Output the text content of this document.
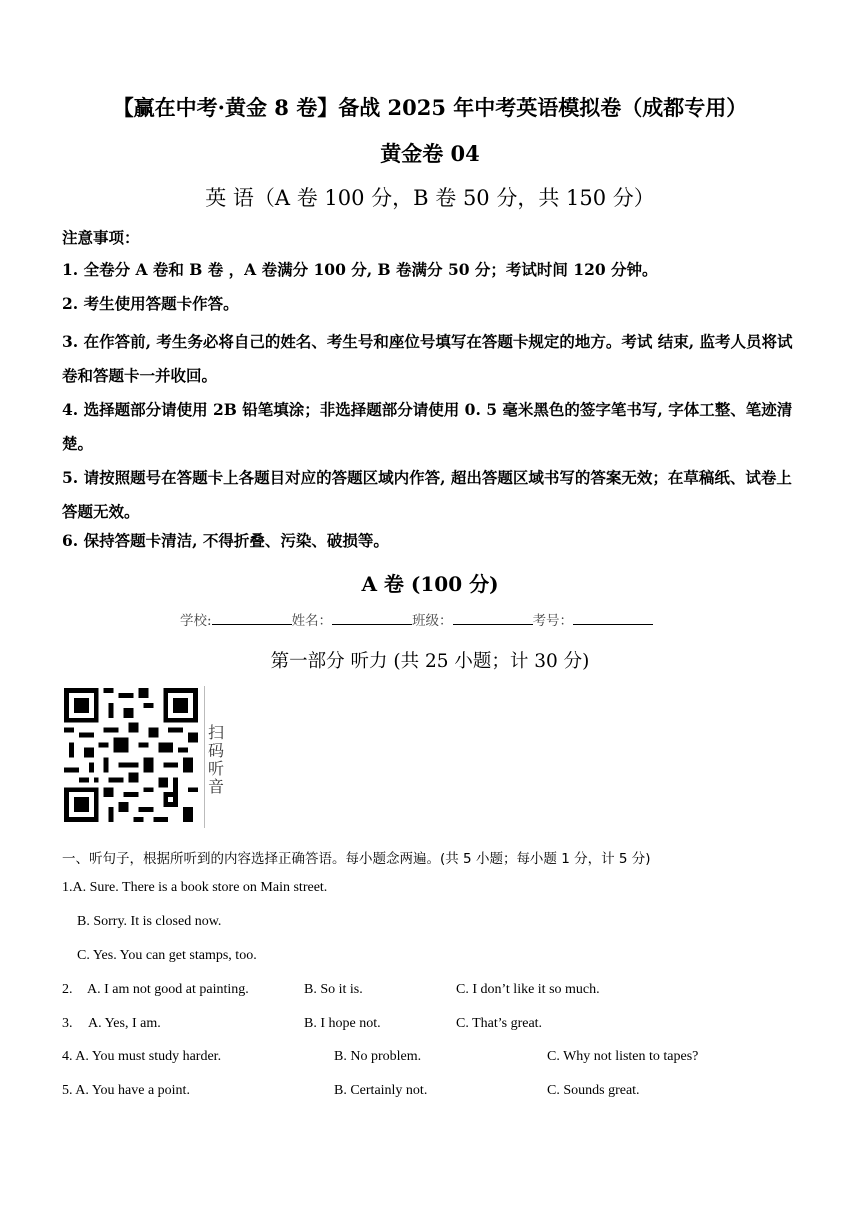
【赢在中考·黄金 8 卷】备战 2025 年中考英语模拟卷（成都专用）
黄金卷 04
英 语（A 卷 100 分，B 卷 50 分，共 150 分）
注意事项：
1. 全卷分 A 卷和 B 卷 ，A 卷满分 100 分, B 卷满分 50 分；考试时间 120 分钟。
2. 考生使用答题卡作答。
3. 在作答前, 考生务必将自己的姓名、考生号和座位号填写在答题卡规定的地方。考试 结束, 监考人员将试卷和答题卡一并收回。
4. 选择题部分请使用 2B 铅笔填涂；非选择题部分请使用 0. 5 毫米黑色的签字笔书写, 字体工整、笔迹清楚。
5. 请按照题号在答题卡上各题目对应的答题区域内作答, 超出答题区域书写的答案无效；在草稿纸、试卷上答题无效。
6. 保持答题卡清洁, 不得折叠、污染、破损等。
A 卷 (100 分)
学校:	姓名：	班级：	考号：
第一部分 听力 (共 25 小题；计 30 分)
扫码听音
一、听句子，根据所听到的内容选择正确答语。每小题念两遍。(共 5 小题；每小题 1 分，计 5 分)
1.A. Sure. There is a book store on Main street.
B. Sorry. It is closed now.
C. Yes. You can get stamps, too.
2. A. I am not good at painting.	B. So it is.	C. I don’t like it so much.
3. A. Yes, I am.	B. I hope not.	C. That’s great.
4. A. You must study harder.	B. No problem.	C. Why not listen to tapes?
5. A. You have a point.	B. Certainly not.	C. Sounds great.
